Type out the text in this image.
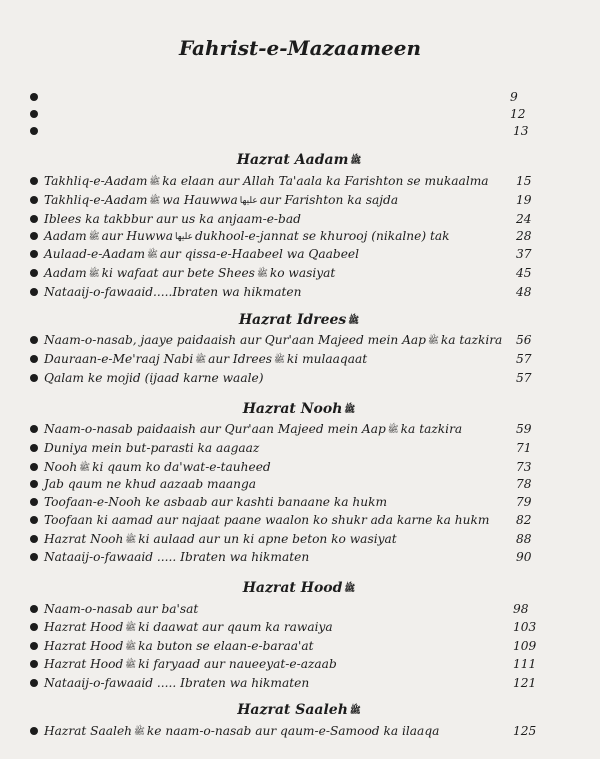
Fahrist-e-Mazaameen
9
12
13
Hazrat Aadam ﷺ
Takhliq-e-Aadam ﷺ ka elaan aur Allah Ta'aala ka Farishton se mukaalma 15
Takhliq-e-Aadam ﷺ wa Hauwwa عليها aur Farishton ka sajda	19
Iblees ka takbbur aur us ka anjaam-e-bad	24
Aadam ﷺ aur Huwwa عليها dukhool-e-jannat se khurooj (nikalne) tak	28
Aulaad-e-Aadam ﷺ aur qissa-e-Haabeel wa Qaabeel	37
Aadam ﷺ ki wafaat aur bete Shees ﷺ ko wasiyat	45
Nataaij-o-fawaaid.....Ibraten wa hikmaten	48
Hazrat Idrees ﷺ
Naam-o-nasab, jaaye paidaaish aur Qur'aan Majeed mein Aap ﷺ ka tazkira 56
Dauraan-e-Me'raaj Nabi ﷺ aur Idrees ﷺ ki mulaaqaat	57
Qalam ke mojid (ijaad karne waale)	57
Hazrat Nooh ﷺ
Naam-o-nasab paidaaish aur Qur'aan Majeed mein Aap ﷺ ka tazkira	59
Duniya mein but-parasti ka aagaaz	71
Nooh ﷺ ki qaum ko da'wat-e-tauheed	73
Jab qaum ne khud aazaab maanga	78
Toofaan-e-Nooh ke asbaab aur kashti banaane ka hukm	79
Toofaan ki aamad aur najaat paane waalon ko shukr ada karne ka hukm 82
Hazrat Nooh ﷺ ki aulaad aur un ki apne beton ko wasiyat	88
Nataaij-o-fawaaid ..... Ibraten wa hikmaten	90
Hazrat Hood ﷺ
Naam-o-nasab aur ba'sat	98
Hazrat Hood ﷺ ki daawat aur qaum ka rawaiya	103
Hazrat Hood ﷺ ka buton se elaan-e-baraa'at	109
Hazrat Hood ﷺ ki faryaad aur naueeyat-e-azaab	111
Nataaij-o-fawaaid ..... Ibraten wa hikmaten	121
Hazrat Saaleh ﷺ
Hazrat Saaleh ﷺ ke naam-o-nasab aur qaum-e-Samood ka ilaaqa	125
